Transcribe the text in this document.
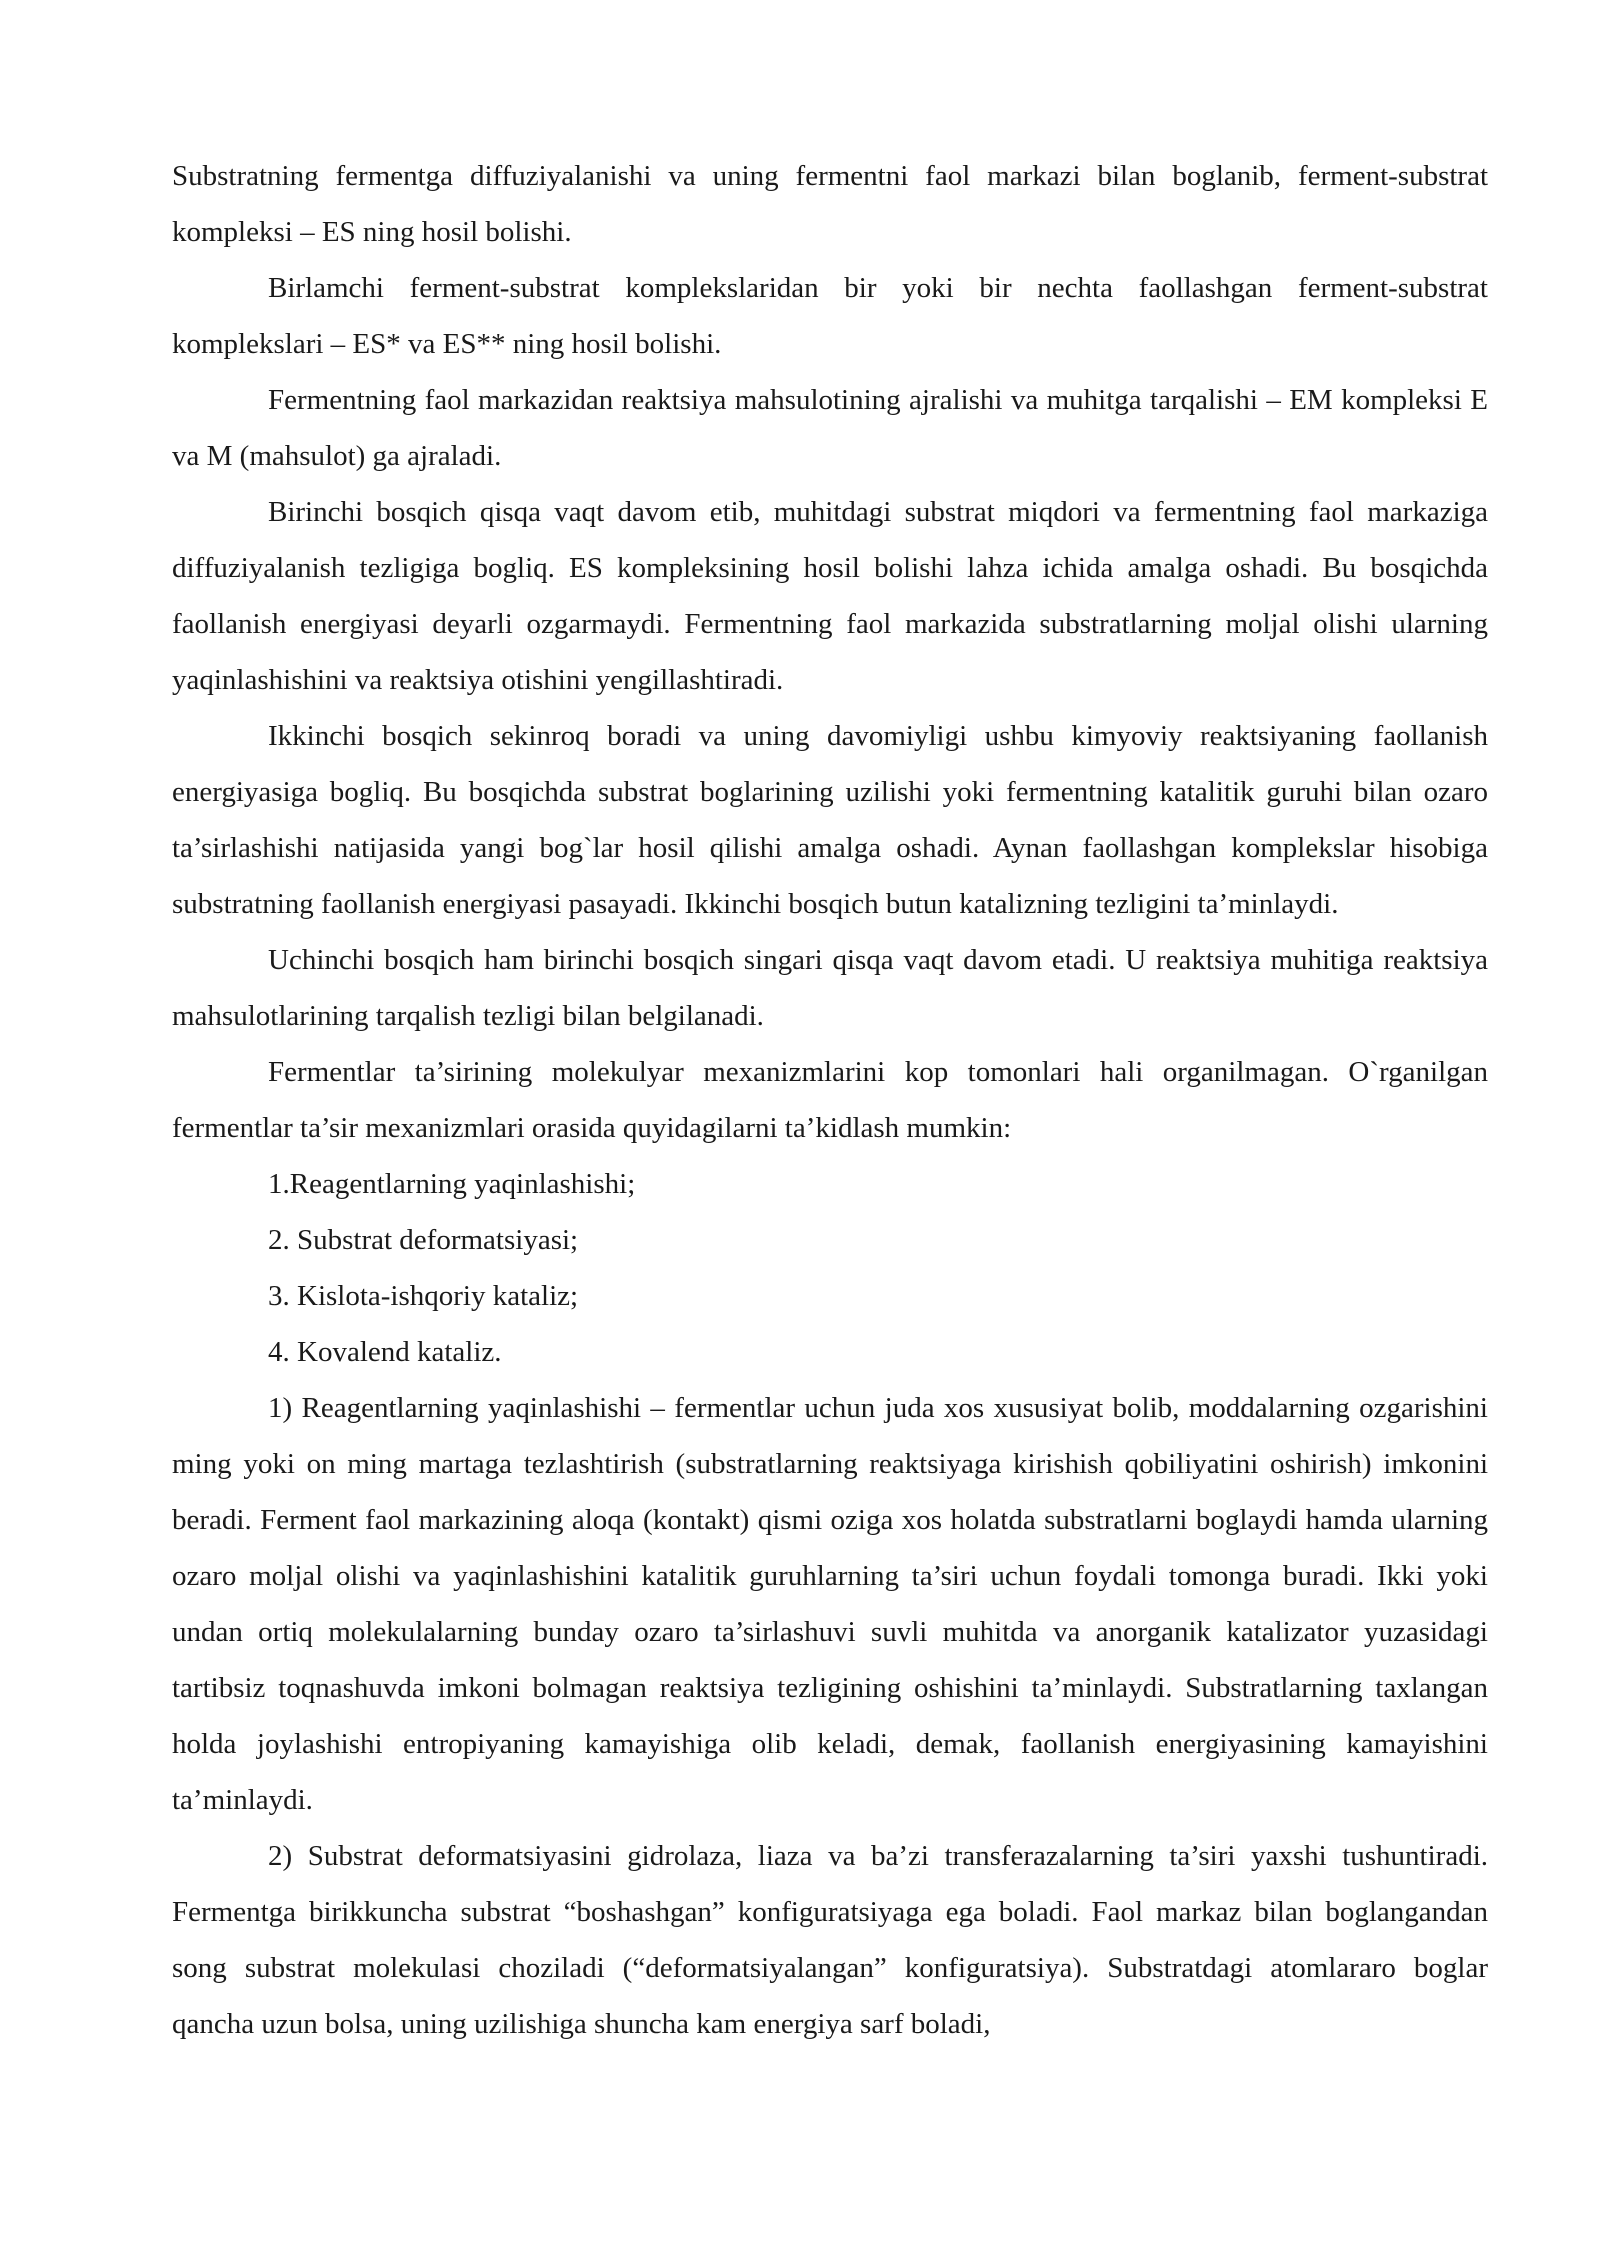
Substratning fermentga diffuziyalanishi va uning fermentni faol markazi bilan boglanib, ferment-substrat kompleksi – ES ning hosil bolishi.

Birlamchi ferment-substrat komplekslaridan bir yoki bir nechta faollashgan ferment-substrat komplekslari – ES* va ES** ning hosil bolishi.

Fermentning faol markazidan reaktsiya mahsulotining ajralishi va muhitga tarqalishi – EM kompleksi E va M (mahsulot) ga ajraladi.

Birinchi bosqich qisqa vaqt davom etib, muhitdagi substrat miqdori va fermentning faol markaziga diffuziyalanish tezligiga bogliq. ES kompleksining hosil bolishi lahza ichida amalga oshadi. Bu bosqichda faollanish energiyasi deyarli ozgarmaydi. Fermentning faol markazida substratlarning moljal olishi ularning yaqinlashishini va reaktsiya otishini yengillashtiradi.

Ikkinchi bosqich sekinroq boradi va uning davomiyligi ushbu kimyoviy reaktsiyaning faollanish energiyasiga bogliq. Bu bosqichda substrat boglarining uzilishi yoki fermentning katalitik guruhi bilan ozaro ta’sirlashishi natijasida yangi bog`lar hosil qilishi amalga oshadi. Aynan faollashgan komplekslar hisobiga substratning faollanish energiyasi pasayadi. Ikkinchi bosqich butun katalizning tezligini ta’minlaydi.

Uchinchi bosqich ham birinchi bosqich singari qisqa vaqt davom etadi. U reaktsiya muhitiga reaktsiya mahsulotlarining tarqalish tezligi bilan belgilanadi.

Fermentlar ta’sirining molekulyar mexanizmlarini kop tomonlari hali organilmagan. O`rganilgan fermentlar ta’sir mexanizmlari orasida quyidagilarni ta’kidlash mumkin:

1.Reagentlarning yaqinlashishi;

2. Substrat deformatsiyasi;

3. Kislota-ishqoriy kataliz;

4. Kovalend kataliz.

1) Reagentlarning yaqinlashishi – fermentlar uchun juda xos xususiyat bolib, moddalarning ozgarishini ming yoki on ming martaga tezlashtirish (substratlarning reaktsiyaga kirishish qobiliyatini oshirish) imkonini beradi. Ferment faol markazining aloqa (kontakt) qismi oziga xos holatda substratlarni boglaydi hamda ularning ozaro moljal olishi va yaqinlashishini katalitik guruhlarning ta’siri uchun foydali tomonga buradi. Ikki yoki undan ortiq molekulalarning bunday ozaro ta’sirlashuvi suvli muhitda va anorganik katalizator yuzasidagi tartibsiz toqnashuvda imkoni bolmagan reaktsiya tezligining oshishini ta’minlaydi. Substratlarning taxlangan holda joylashishi entropiyaning kamayishiga olib keladi, demak, faollanish energiyasining kamayishini ta’minlaydi.

2) Substrat deformatsiyasini gidrolaza, liaza va ba’zi transferazalarning ta’siri yaxshi tushuntiradi. Fermentga birikkuncha substrat “boshashgan” konfiguratsiyaga ega boladi. Faol markaz bilan boglangandan song substrat molekulasi choziladi (“deformatsiyalangan” konfiguratsiya). Substratdagi atomlararo boglar qancha uzun bolsa, uning uzilishiga shuncha kam energiya sarf boladi,
